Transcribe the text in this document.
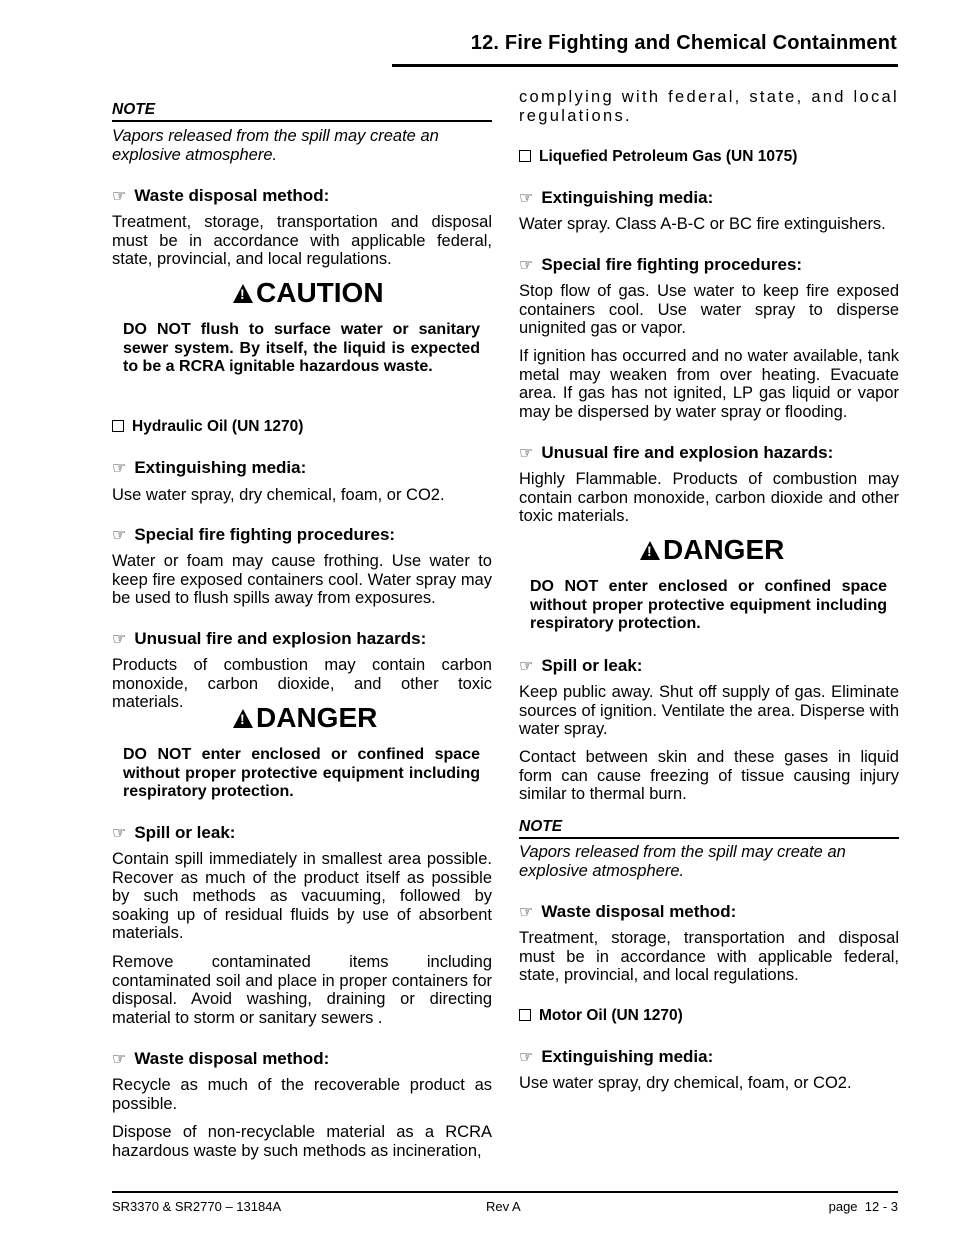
12. Fire Fighting and Chemical Containment
NOTE
Vapors released from the spill may create an explosive atmosphere.
☞ Waste disposal method:
Treatment, storage, transportation and disposal must be in accordance with applicable federal, state, provincial, and local regulations.
!
CAUTION
DO NOT flush to surface water or sanitary sewer system. By itself, the liquid is expected to be a RCRA ignitable hazardous waste.
Hydraulic Oil (UN 1270)
☞ Extinguishing media:
Use water spray, dry chemical, foam, or CO2.
☞ Special fire fighting procedures:
Water or foam may cause frothing. Use water to keep fire exposed containers cool. Water spray may be used to flush spills away from exposures.
☞ Unusual fire and explosion hazards:
Products of combustion may contain carbon monoxide, carbon dioxide, and other toxic materials.
!	DANGER
DO NOT enter enclosed or confined space without proper protective equipment including respiratory protection.
☞ Spill or leak:
Contain spill immediately in smallest area possible. Recover as much of the product itself as possible by such methods as vacuuming, followed by soaking up of residual fluids by use of absorbent materials.
Remove contaminated items including contaminated soil and place in proper containers for disposal. Avoid washing, draining or directing material to storm or sanitary sewers .
☞ Waste disposal method:
Recycle as much of the recoverable product as possible.
Dispose of non-recyclable material as a RCRA hazardous waste by such methods as incineration,
complying with federal, state, and local regulations.
Liquefied Petroleum Gas (UN 1075)
☞ Extinguishing media:
Water spray. Class A-B-C or BC fire extinguishers.
☞ Special fire fighting procedures:
Stop flow of gas. Use water to keep fire exposed containers cool. Use water spray to disperse unignited gas or vapor.
If ignition has occurred and no water available, tank metal may weaken from over heating. Evacuate area. If gas has not ignited, LP gas liquid or vapor may be dispersed by water spray or flooding.
☞ Unusual fire and explosion hazards:
Highly Flammable. Products of combustion may contain carbon monoxide, carbon dioxide and other toxic materials.
!
DANGER
DO NOT enter enclosed or confined space without proper protective equipment including respiratory protection.
☞ Spill or leak:
Keep public away. Shut off supply of gas. Eliminate sources of ignition. Ventilate the area. Disperse with water spray.
Contact between skin and these gases in liquid form can cause freezing of tissue causing injury similar to thermal burn.
NOTE
Vapors released from the spill may create an explosive atmosphere.
☞ Waste disposal method:
Treatment, storage, transportation and disposal must be in accordance with applicable federal, state, provincial, and local regulations.
Motor Oil (UN 1270)
☞ Extinguishing media:
Use water spray, dry chemical, foam, or CO2.
SR3370 & SR2770 – 13184A	Rev A	page  12 - 3
